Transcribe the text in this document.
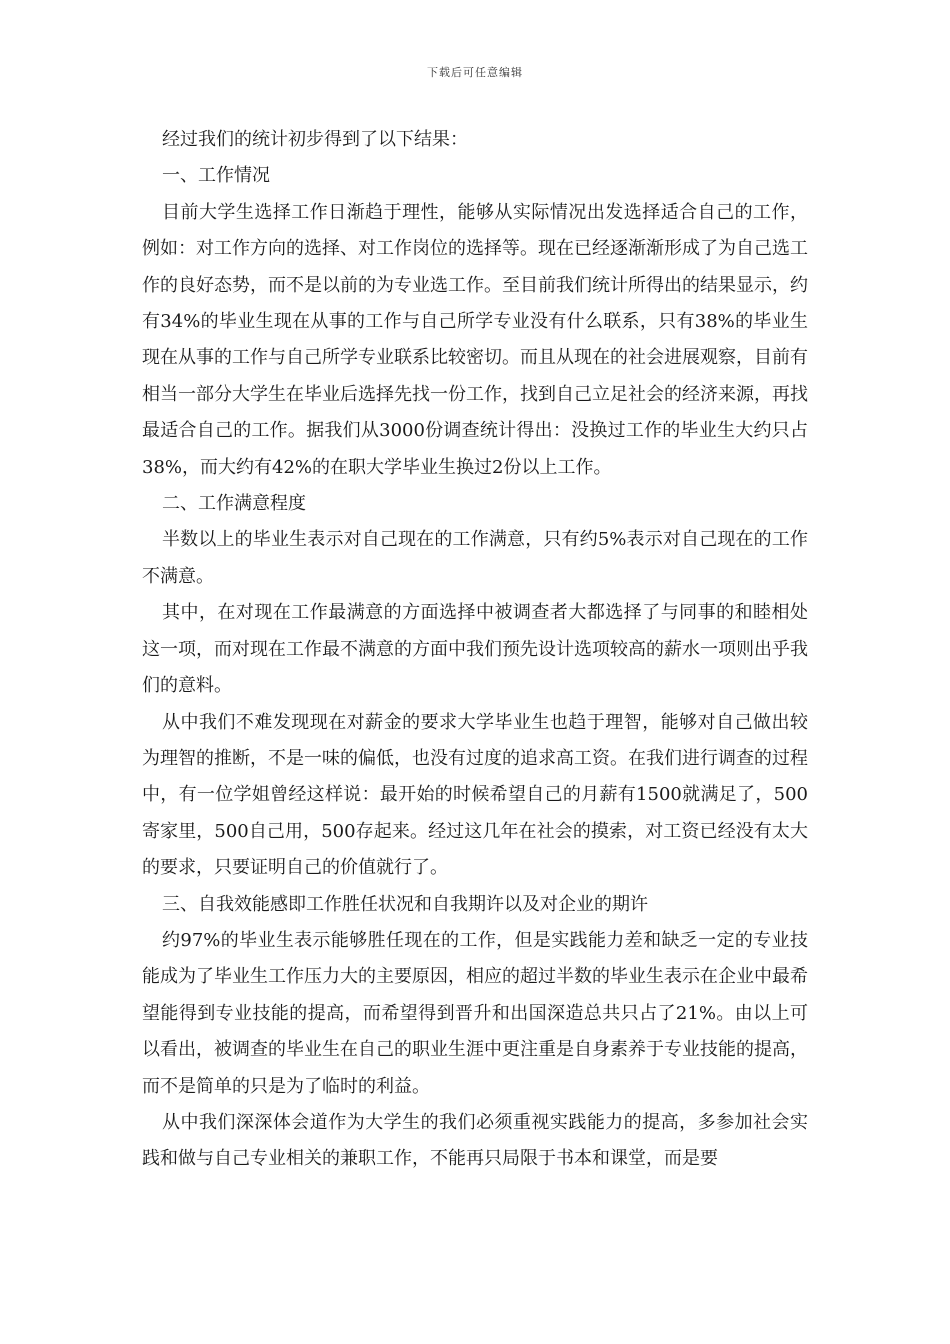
下载后可任意编辑

经过我们的统计初步得到了以下结果：

一、工作情况

目前大学生选择工作日渐趋于理性，能够从实际情况出发选择适合自己的工作，例如：对工作方向的选择、对工作岗位的选择等。现在已经逐渐渐形成了为自己选工作的良好态势，而不是以前的为专业选工作。至目前我们统计所得出的结果显示，约有34%的毕业生现在从事的工作与自己所学专业没有什么联系，只有38%的毕业生现在从事的工作与自己所学专业联系比较密切。而且从现在的社会进展观察，目前有相当一部分大学生在毕业后选择先找一份工作，找到自己立足社会的经济来源，再找最适合自己的工作。据我们从3000份调查统计得出：没换过工作的毕业生大约只占38%，而大约有42%的在职大学毕业生换过2份以上工作。

二、工作满意程度

半数以上的毕业生表示对自己现在的工作满意，只有约5%表示对自己现在的工作不满意。

其中，在对现在工作最满意的方面选择中被调查者大都选择了与同事的和睦相处这一项，而对现在工作最不满意的方面中我们预先设计选项较高的薪水一项则出乎我们的意料。

从中我们不难发现现在对薪金的要求大学毕业生也趋于理智，能够对自己做出较为理智的推断，不是一味的偏低，也没有过度的追求高工资。在我们进行调查的过程中，有一位学姐曾经这样说：最开始的时候希望自己的月薪有1500就满足了，500寄家里，500自己用，500存起来。经过这几年在社会的摸索，对工资已经没有太大的要求，只要证明自己的价值就行了。

三、自我效能感即工作胜任状况和自我期许以及对企业的期许

约97%的毕业生表示能够胜任现在的工作，但是实践能力差和缺乏一定的专业技能成为了毕业生工作压力大的主要原因，相应的超过半数的毕业生表示在企业中最希望能得到专业技能的提高，而希望得到晋升和出国深造总共只占了21%。由以上可以看出，被调查的毕业生在自己的职业生涯中更注重是自身素养于专业技能的提高，而不是简单的只是为了临时的利益。

从中我们深深体会道作为大学生的我们必须重视实践能力的提高，多参加社会实践和做与自己专业相关的兼职工作，不能再只局限于书本和课堂，而是要
